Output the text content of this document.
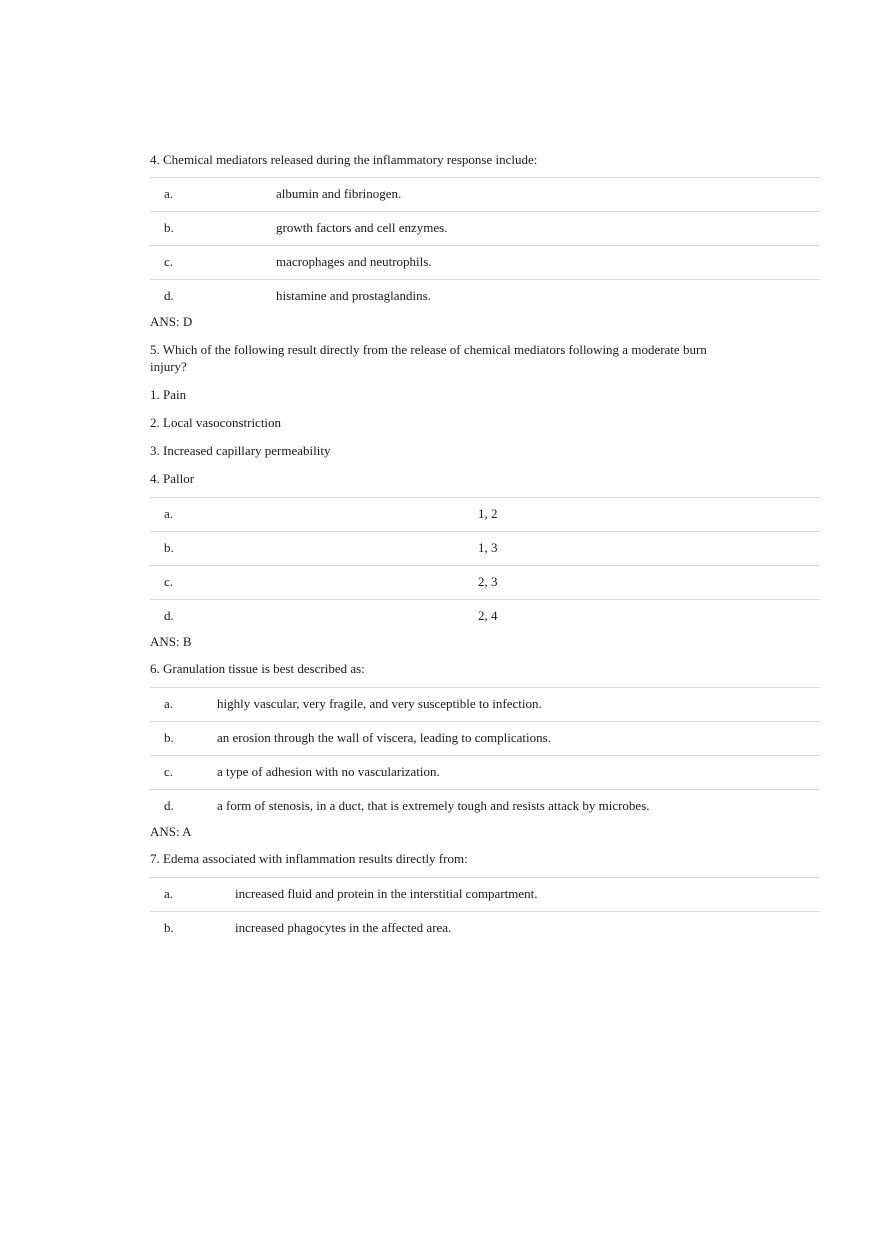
4. Chemical mediators released during the inflammatory response include:

a.	albumin and fibrinogen.
b.	growth factors and cell enzymes.
c.	macrophages and neutrophils.
d.	histamine and prostaglandins.

ANS: D

5. Which of the following result directly from the release of chemical mediators following a moderate burn injury?

1. Pain

2. Local vasoconstriction

3. Increased capillary permeability

4. Pallor

a.	1, 2
b.	1, 3
c.	2, 3
d.	2, 4

ANS: B

6. Granulation tissue is best described as:

a.	highly vascular, very fragile, and very susceptible to infection.
b.	an erosion through the wall of viscera, leading to complications.
c.	a type of adhesion with no vascularization.
d.	a form of stenosis, in a duct, that is extremely tough and resists attack by microbes.

ANS: A

7. Edema associated with inflammation results directly from:

a.	increased fluid and protein in the interstitial compartment.
b.	increased phagocytes in the affected area.
